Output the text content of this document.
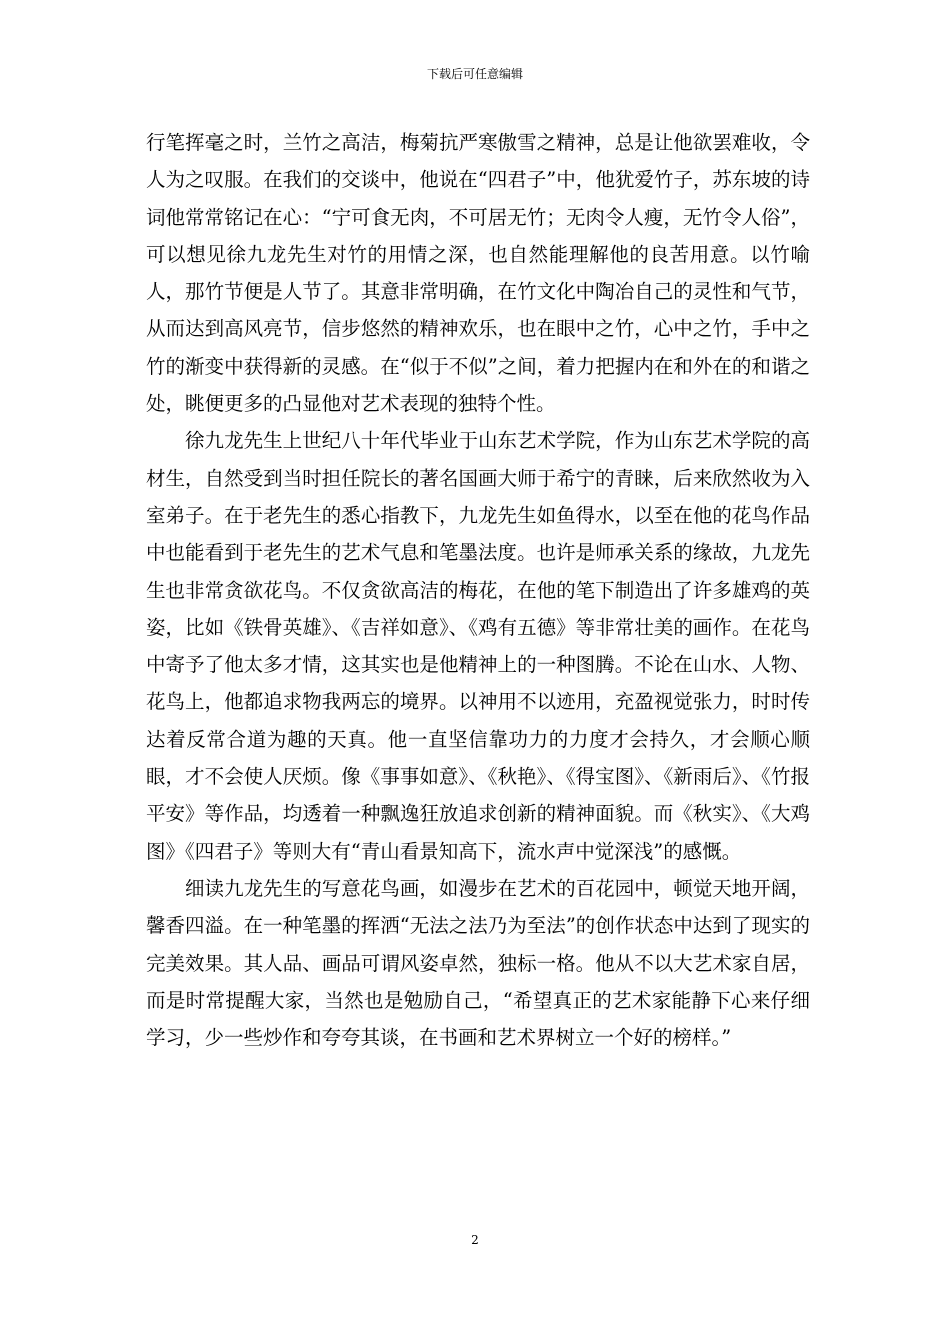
下载后可任意编辑

行笔挥毫之时，兰竹之高洁，梅菊抗严寒傲雪之精神，总是让他欲罢难收，令人为之叹服。在我们的交谈中，他说在“四君子”中，他犹爱竹子，苏东坡的诗词他常常铭记在心：“宁可食无肉，不可居无竹；无肉令人瘦，无竹令人俗”，可以想见徐九龙先生对竹的用情之深，也自然能理解他的良苦用意。以竹喻人，那竹节便是人节了。其意非常明确，在竹文化中陶冶自己的灵性和气节，从而达到高风亮节，信步悠然的精神欢乐，也在眼中之竹，心中之竹，手中之竹的渐变中获得新的灵感。在“似于不似”之间，着力把握内在和外在的和谐之处，眺便更多的凸显他对艺术表现的独特个性。

徐九龙先生上世纪八十年代毕业于山东艺术学院，作为山东艺术学院的高材生，自然受到当时担任院长的著名国画大师于希宁的青睐，后来欣然收为入室弟子。在于老先生的悉心指教下，九龙先生如鱼得水，以至在他的花鸟作品中也能看到于老先生的艺术气息和笔墨法度。也许是师承关系的缘故，九龙先生也非常贪欲花鸟。不仅贪欲高洁的梅花，在他的笔下制造出了许多雄鸡的英姿，比如《铁骨英雄》、《吉祥如意》、《鸡有五德》等非常壮美的画作。在花鸟中寄予了他太多才情，这其实也是他精神上的一种图腾。不论在山水、人物、花鸟上，他都追求物我两忘的境界。以神用不以迹用，充盈视觉张力，时时传达着反常合道为趣的天真。他一直坚信靠功力的力度才会持久，才会顺心顺眼，才不会使人厌烦。像《事事如意》、《秋艳》、《得宝图》、《新雨后》、《竹报平安》等作品，均透着一种飘逸狂放追求创新的精神面貌。而《秋实》、《大鸡图》《四君子》等则大有“青山看景知高下，流水声中觉深浅”的感慨。

细读九龙先生的写意花鸟画，如漫步在艺术的百花园中，顿觉天地开阔，馨香四溢。在一种笔墨的挥洒“无法之法乃为至法”的创作状态中达到了现实的完美效果。其人品、画品可谓风姿卓然，独标一格。他从不以大艺术家自居，而是时常提醒大家，当然也是勉励自己，“希望真正的艺术家能静下心来仔细学习，少一些炒作和夸夸其谈，在书画和艺术界树立一个好的榜样。”

2
